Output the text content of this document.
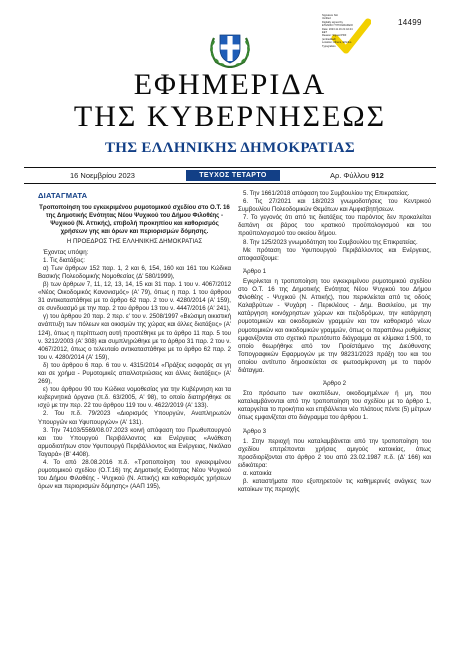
Signature Not
Verified
Digitally signed by
ETHNIKO TYPOGRAFEIO
Date: 2023.11.16 21:42:44
EET
Reason: Signed PDF
(embedded)
Location: Athens, Ethniko
Typografeio
14499
ΕΦΗΜΕΡΙΔΑ
ΤΗΣ ΚΥΒΕΡΝΗΣΕΩΣ
ΤΗΣ ΕΛΛΗΝΙΚΗΣ ΔΗΜΟΚΡΑΤΙΑΣ
16 Νοεμβρίου 2023	ΤΕΥΧΟΣ ΤΕΤΑΡΤΟ	Αρ. Φύλλου 912
ΔΙΑΤΑΓΜΑΤΑ

Τροποποίηση του εγκεκριμένου ρυμοτομικού σχεδίου στο Ο.Τ. 16 της Δημοτικής Ενότητας Νέου Ψυχικού του Δήμου Φιλοθέης - Ψυχικού (Ν. Αττικής), επιβολή προκηπίου και καθορισμός χρήσεων γης και όρων και περιορισμών δόμησης.

Η ΠΡΟΕΔΡΟΣ ΤΗΣ ΕΛΛΗΝΙΚΗΣ ΔΗΜΟΚΡΑΤΙΑΣ

Έχοντας υπόψη:

1. Τις διατάξεις:

α) Των άρθρων 152 παρ. 1, 2 και 6, 154, 160 και 161 του Κώδικα Βασικής Πολεοδομικής Νομοθεσίας (Δ' 580/1999),

β) των άρθρων 7, 11, 12, 13, 14, 15 και 31 παρ. 1 του ν. 4067/2012 «Νέος Οικοδομικός Κανονισμός» (Α' 79), όπως η παρ. 1 του άρθρου 31 αντικαταστάθηκε με το άρθρο 62 παρ. 2 του ν. 4280/2014 (Α' 159), σε συνδυασμό με την παρ. 2 του άρθρου 13 του ν. 4447/2016 (Α' 241),

γ) του άρθρου 20 παρ. 2 περ. ε' του ν. 2508/1997 «Βιώσιμη οικιστική ανάπτυξη των πόλεων και οικισμών της χώρας και άλλες διατάξεις» (Α' 124), όπως η περίπτωση αυτή προστέθηκε με το άρθρο 11 παρ. 5 του ν. 3212/2003 (Α' 308) και συμπληρώθηκε με το άρθρο 31 παρ. 2 του ν. 4067/2012, όπως ο τελευταίο αντικαταστάθηκε με το άρθρο 62 παρ. 2 του ν. 4280/2014 (Α' 159),

δ) του άρθρου 6 παρ. 6 του ν. 4315/2014 «Πράξεις εισφοράς σε γη και σε χρήμα - Ρυμοτομικές απαλλοτριώσεις και άλλες διατάξεις» (Α' 269),

ε) του άρθρου 90 του Κώδικα νομοθεσίας για την Κυβέρνηση και τα κυβερνητικά όργανα (π.δ. 63/2005, Α' 98), το οποίο διατηρήθηκε σε ισχύ με την περ. 22 του άρθρου 119 του ν. 4622/2019 (Α' 133).

2. Του π.δ. 79/2023 «Διορισμός Υπουργών, Αναπληρωτών Υπουργών και Υφυπουργών» (Α' 131).

3. Την 74103/5569/08.07.2023 κοινή απόφαση του Πρωθυπουργού και του Υπουργού Περιβάλλοντος και Ενέργειας «Ανάθεση αρμοδιοτήτων στον Υφυπουργό Περιβάλλοντος και Ενέργειας, Νικόλαο Ταγαρά» (Β' 4408).

4. Το από 28.08.2016 π.δ. «Τροποποίηση του εγκεκριμένου ρυμοτομικού σχεδίου (Ο.Τ.16) της Δημοτικής Ενότητας Νέου Ψυχικού του Δήμου Φιλοθέης - Ψυχικού (Ν. Αττικής) και καθορισμός χρήσεων όρων και περιορισμών δόμησης» (ΑΑΠ 195),

5. Την 1661/2018 απόφαση του Συμβουλίου της Επικρατείας.

6. Τις 27/2021 και 18/2023 γνωμοδοτήσεις του Κεντρικού Συμβουλίου Πολεοδομικών Θεμάτων και Αμφισβητήσεων.

7. Το γεγονός ότι από τις διατάξεις του παρόντος δεν προκαλείται δαπάνη σε βάρος του κρατικού προϋπολογισμού και του προϋπολογισμού του οικείου δήμου.

8. Την 125/2023 γνωμοδότηση του Συμβουλίου της Επικρατείας.

Με πρόταση του Υφυπουργού Περιβάλλοντος και Ενέργειας, αποφασίζουμε:

Άρθρο 1

Εγκρίνεται η τροποποίηση του εγκεκριμένου ρυμοτομικού σχεδίου στο Ο.Τ. 16 της Δημοτικής Ενότητας Νέου Ψυχικού του Δήμου Φιλοθέης - Ψυχικού (Ν. Αττικής), που περικλείεται από τις οδούς Καλαβρύτων - Ψυχάρη - Περικλέους - Δημ. Βασιλείου, με την κατάργηση κοινόχρηστων χώρων και πεζοδρόμων, την κατάργηση ρυμοτομικών και οικοδομικών γραμμών και τον καθορισμό νέων ρυμοτομικών και οικοδομικών γραμμών, όπως οι παραπάνω ρυθμίσεις εμφανίζονται στο σχετικό πρωτότυπο διάγραμμα σε κλίμακα 1:500, το οποίο θεωρήθηκε από τον Προϊστάμενο της Διεύθυνσης Τοπογραφικών Εφαρμογών με την 98231/2023 πράξη του και του οποίου αντίτυπο δημοσιεύεται σε φωτοσμίκρυνση με το παρόν διάταγμα.

Άρθρο 2

Στο πρόσωπο των οικοπέδων, οικοδομημένων ή μη, που καταλαμβάνονται από την τροποποίηση του σχεδίου με το άρθρο 1, καταργείται το προκήπιο και επιβάλλεται νέο πλάτους πέντε (5) μέτρων όπως εμφανίζεται στο διάγραμμα του άρθρου 1.

Άρθρο 3

1. Στην περιοχή που καταλαμβάνεται από την τροποποίηση του σχεδίου επιτρέπονται χρήσεις αμιγούς κατοικίας, όπως προσδιορίζονται στο άρθρο 2 του από 23.02.1987 π.δ. (Δ' 166) και ειδικότερα:

α. κατοικία

β. καταστήματα που εξυπηρετούν τις καθημερινές ανάγκες των κατοίκων της περιοχής
